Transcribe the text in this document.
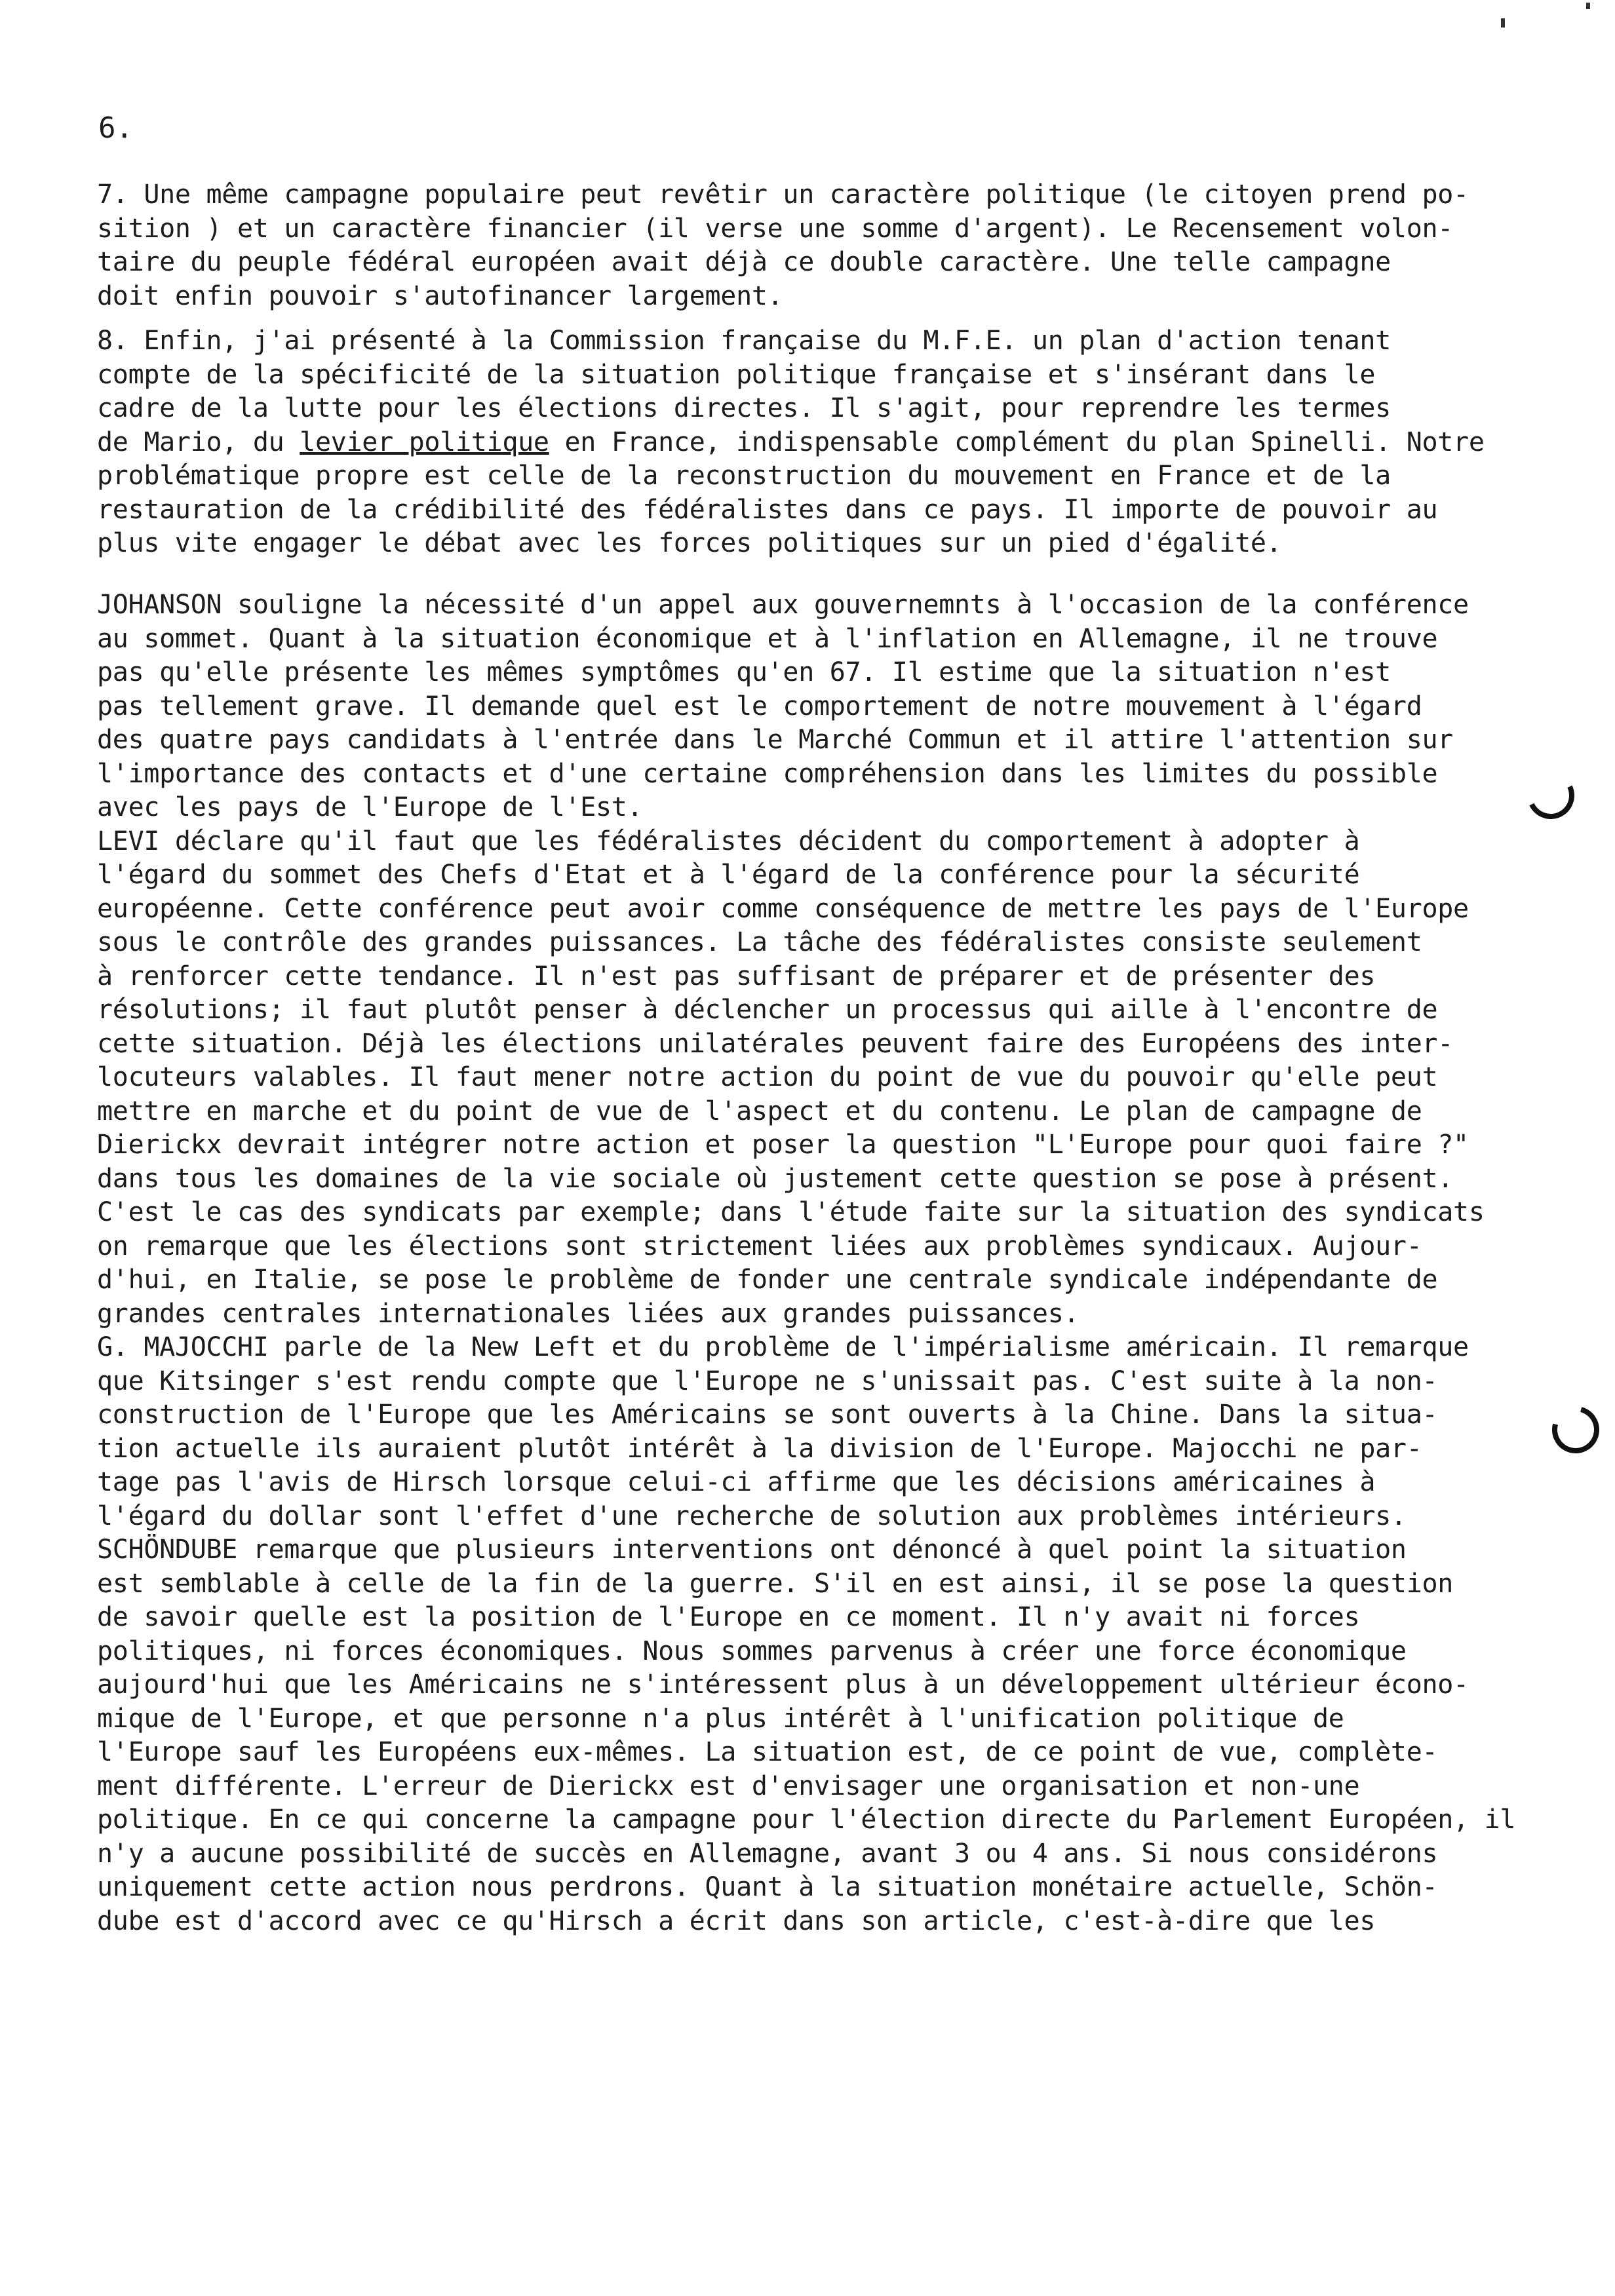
6.
7. Une même campagne populaire peut revêtir un caractère politique (le citoyen prend po-
sition ) et un caractère financier (il verse une somme d'argent). Le Recensement volon-
taire du peuple fédéral européen avait déjà ce double caractère. Une telle campagne
doit enfin pouvoir s'autofinancer largement.
8. Enfin, j'ai présenté à la Commission française du M.F.E. un plan d'action tenant
compte de la spécificité de la situation politique française et s'insérant dans le
cadre de la lutte pour les élections directes. Il s'agit, pour reprendre les termes
de Mario, du levier politique en France, indispensable complément du plan Spinelli. Notre
problématique propre est celle de la reconstruction du mouvement en France et de la
restauration de la crédibilité des fédéralistes dans ce pays. Il importe de pouvoir au
plus vite engager le débat avec les forces politiques sur un pied d'égalité.
JOHANSON souligne la nécessité d'un appel aux gouvernemnts à l'occasion de la conférence
au sommet. Quant à la situation économique et à l'inflation en Allemagne, il ne trouve
pas qu'elle présente les mêmes symptômes qu'en 67. Il estime que la situation n'est
pas tellement grave. Il demande quel est le comportement de notre mouvement à l'égard
des quatre pays candidats à l'entrée dans le Marché Commun et il attire l'attention sur
l'importance des contacts et d'une certaine compréhension dans les limites du possible
avec les pays de l'Europe de l'Est.
LEVI déclare qu'il faut que les fédéralistes décident du comportement à adopter à
l'égard du sommet des Chefs d'Etat et à l'égard de la conférence pour la sécurité
européenne. Cette conférence peut avoir comme conséquence de mettre les pays de l'Europe
sous le contrôle des grandes puissances. La tâche des fédéralistes consiste seulement
à renforcer cette tendance. Il n'est pas suffisant de préparer et de présenter des
résolutions; il faut plutôt penser à déclencher un processus qui aille à l'encontre de
cette situation. Déjà les élections unilatérales peuvent faire des Européens des inter-
locuteurs valables. Il faut mener notre action du point de vue du pouvoir qu'elle peut
mettre en marche et du point de vue de l'aspect et du contenu. Le plan de campagne de
Dierickx devrait intégrer notre action et poser la question "L'Europe pour quoi faire ?"
dans tous les domaines de la vie sociale où justement cette question se pose à présent.
C'est le cas des syndicats par exemple; dans l'étude faite sur la situation des syndicats
on remarque que les élections sont strictement liées aux problèmes syndicaux. Aujour-
d'hui, en Italie, se pose le problème de fonder une centrale syndicale indépendante de
grandes centrales internationales liées aux grandes puissances.
G. MAJOCCHI parle de la New Left et du problème de l'impérialisme américain. Il remarque
que Kitsinger s'est rendu compte que l'Europe ne s'unissait pas. C'est suite à la non-
construction de l'Europe que les Américains se sont ouverts à la Chine. Dans la situa-
tion actuelle ils auraient plutôt intérêt à la division de l'Europe. Majocchi ne par-
tage pas l'avis de Hirsch lorsque celui-ci affirme que les décisions américaines à
l'égard du dollar sont l'effet d'une recherche de solution aux problèmes intérieurs.
SCHÖNDUBE remarque que plusieurs interventions ont dénoncé à quel point la situation
est semblable à celle de la fin de la guerre. S'il en est ainsi, il se pose la question
de savoir quelle est la position de l'Europe en ce moment. Il n'y avait ni forces
politiques, ni forces économiques. Nous sommes parvenus à créer une force économique
aujourd'hui que les Américains ne s'intéressent plus à un développement ultérieur écono-
mique de l'Europe, et que personne n'a plus intérêt à l'unification politique de
l'Europe sauf les Européens eux-mêmes. La situation est, de ce point de vue, complète-
ment différente. L'erreur de Dierickx est d'envisager une organisation et non-une
politique. En ce qui concerne la campagne pour l'élection directe du Parlement Européen, il
n'y a aucune possibilité de succès en Allemagne, avant 3 ou 4 ans. Si nous considérons
uniquement cette action nous perdrons. Quant à la situation monétaire actuelle, Schön-
dube est d'accord avec ce qu'Hirsch a écrit dans son article, c'est-à-dire que les
